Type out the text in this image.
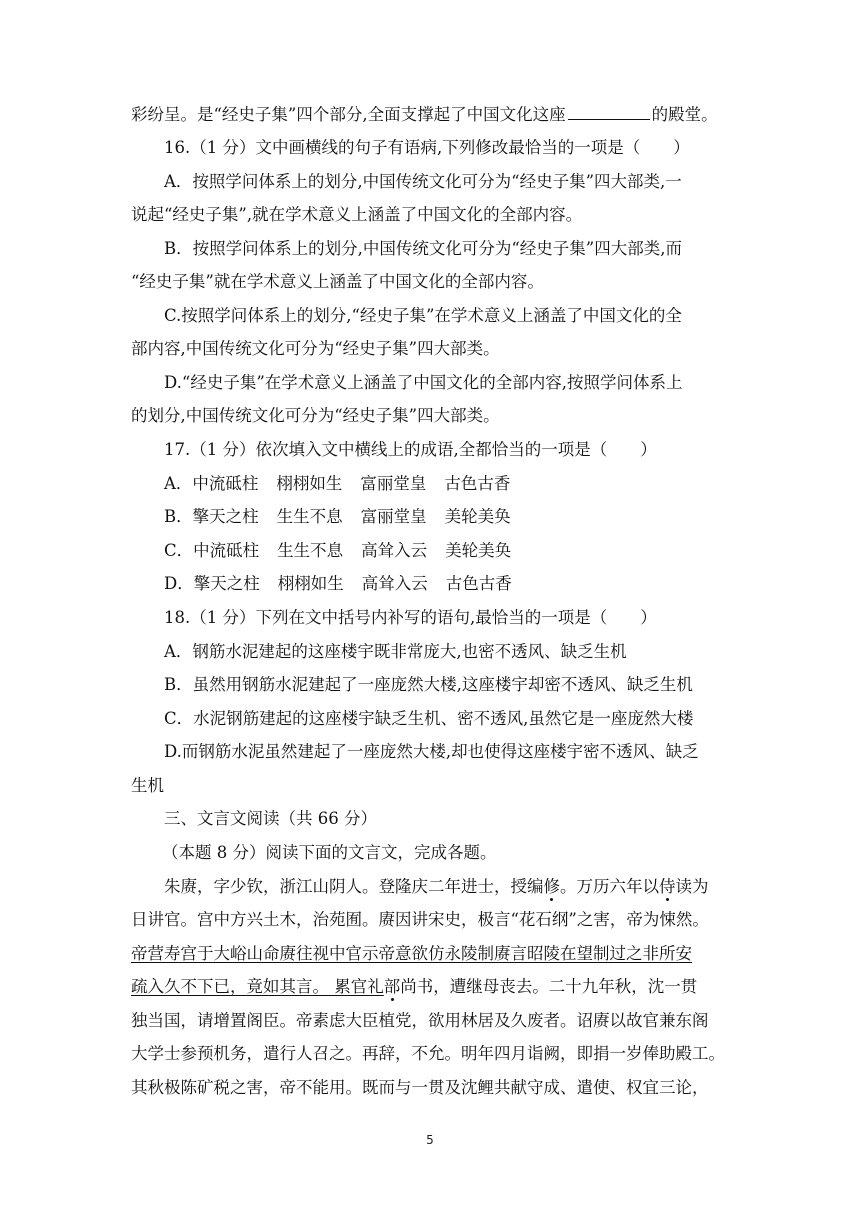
彩纷呈。是“经史子集”四个部分,全面支撑起了中国文化这座	的殿堂。
16.（1 分）文中画横线的句子有语病,下列修改最恰当的一项是（　　）
A．按照学问体系上的划分,中国传统文化可分为“经史子集”四大部类,一
说起“经史子集”,就在学术意义上涵盖了中国文化的全部内容。
B．按照学问体系上的划分,中国传统文化可分为“经史子集”四大部类,而
“经史子集”就在学术意义上涵盖了中国文化的全部内容。
C.按照学问体系上的划分,“经史子集”在学术意义上涵盖了中国文化的全
部内容,中国传统文化可分为“经史子集”四大部类。
D.“经史子集”在学术意义上涵盖了中国文化的全部内容,按照学问体系上
的划分,中国传统文化可分为“经史子集”四大部类。
17.（1 分）依次填入文中横线上的成语,全都恰当的一项是（　　）
A．中流砥柱 栩栩如生 富丽堂皇 古色古香
B．擎天之柱 生生不息 富丽堂皇 美轮美奂
C．中流砥柱 生生不息 高耸入云 美轮美奂
D．擎天之柱 栩栩如生 高耸入云 古色古香
18.（1 分）下列在文中括号内补写的语句,最恰当的一项是（　　）
A．钢筋水泥建起的这座楼宇既非常庞大,也密不透风、缺乏生机
B．虽然用钢筋水泥建起了一座庞然大楼,这座楼宇却密不透风、缺乏生机
C．水泥钢筋建起的这座楼宇缺乏生机、密不透风,虽然它是一座庞然大楼
D.而钢筋水泥虽然建起了一座庞然大楼,却也使得这座楼宇密不透风、缺乏
生机
三、文言文阅读（共 66 分）
（本题 8 分）阅读下面的文言文，完成各题。
朱赓，字少钦，浙江山阴人。登隆庆二年进士，授编修。万历六年以侍读为
日讲官。宫中方兴土木，治苑囿。赓因讲宋史，极言“花石纲”之害，帝为悚然。
帝营寿宫于大峪山命赓往视中官示帝意欲仿永陵制赓言昭陵在望制过之非所安
疏入久不下已，竟如其言。 累官礼部尚书，遭继母丧去。二十九年秋，沈一贯
独当国，请增置阁臣。帝素虑大臣植党，欲用林居及久废者。诏赓以故官兼东阁
大学士参预机务，遣行人召之。再辞，不允。明年四月诣阙，即捐一岁俸助殿工。
其秋极陈矿税之害，帝不能用。既而与一贯及沈鲤共献守成、遣使、权宜三论，
5
